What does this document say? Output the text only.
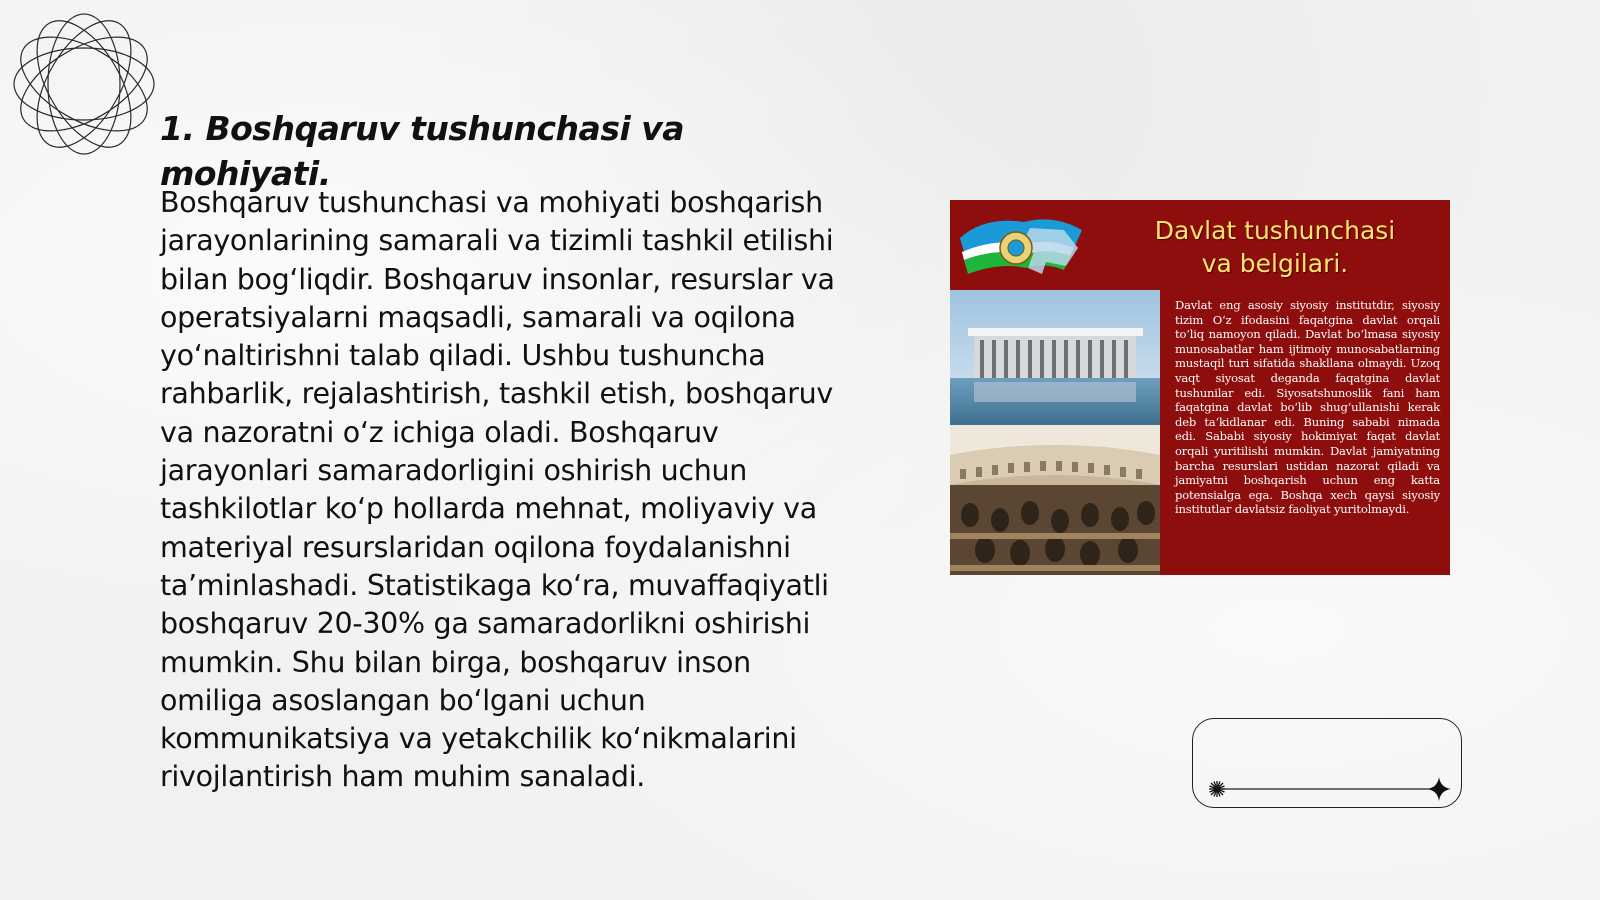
1. Boshqaruv tushunchasi va mohiyati.

Boshqaruv tushunchasi va mohiyati boshqarish jarayonlarining samarali va tizimli tashkil etilishi bilan bog‘liqdir. Boshqaruv insonlar, resurslar va operatsiyalarni maqsadli, samarali va oqilona yo‘naltirishni talab qiladi. Ushbu tushuncha rahbarlik, rejalashtirish, tashkil etish, boshqaruv va nazoratni o‘z ichiga oladi. Boshqaruv jarayonlari samaradorligini oshirish uchun tashkilotlar ko‘p hollarda mehnat, moliyaviy va materiyal resurslaridan oqilona foydalanishni ta’minlashadi. Statistikaga ko‘ra, muvaffaqiyatli boshqaruv 20-30% ga samaradorlikni oshirishi mumkin. Shu bilan birga, boshqaruv inson omiliga asoslangan bo‘lgani uchun kommunikatsiya va yetakchilik ko‘nikmalarini rivojlantirish ham muhim sanaladi.

Davlat tushunchasi
va belgilari.
Davlat eng asosiy siyosiy institutdir, siyosiy tizim O‘z ifodasini faqatgina davlat orqali to‘liq namoyon qiladi. Davlat bo‘lmasa siyosiy munosabatlar ham ijtimoiy munosabatlarning mustaqil turi sifatida shakllana olmaydi. Uzoq vaqt siyosat deganda faqatgina davlat tushunilar edi. Siyosatshunoslik fani ham faqatgina davlat bo‘lib shug‘ullanishi kerak deb ta‘kidlanar edi. Buning sababi nimada edi. Sababi siyosiy hokimiyat faqat davlat orqali yuritilishi mumkin. Davlat jamiyatning barcha resurslari ustidan nazorat qiladi va jamiyatni boshqarish uchun eng katta potensialga ega. Boshqa xech qaysi siyosiy institutlar davlatsiz faoliyat yuritolmaydi.
